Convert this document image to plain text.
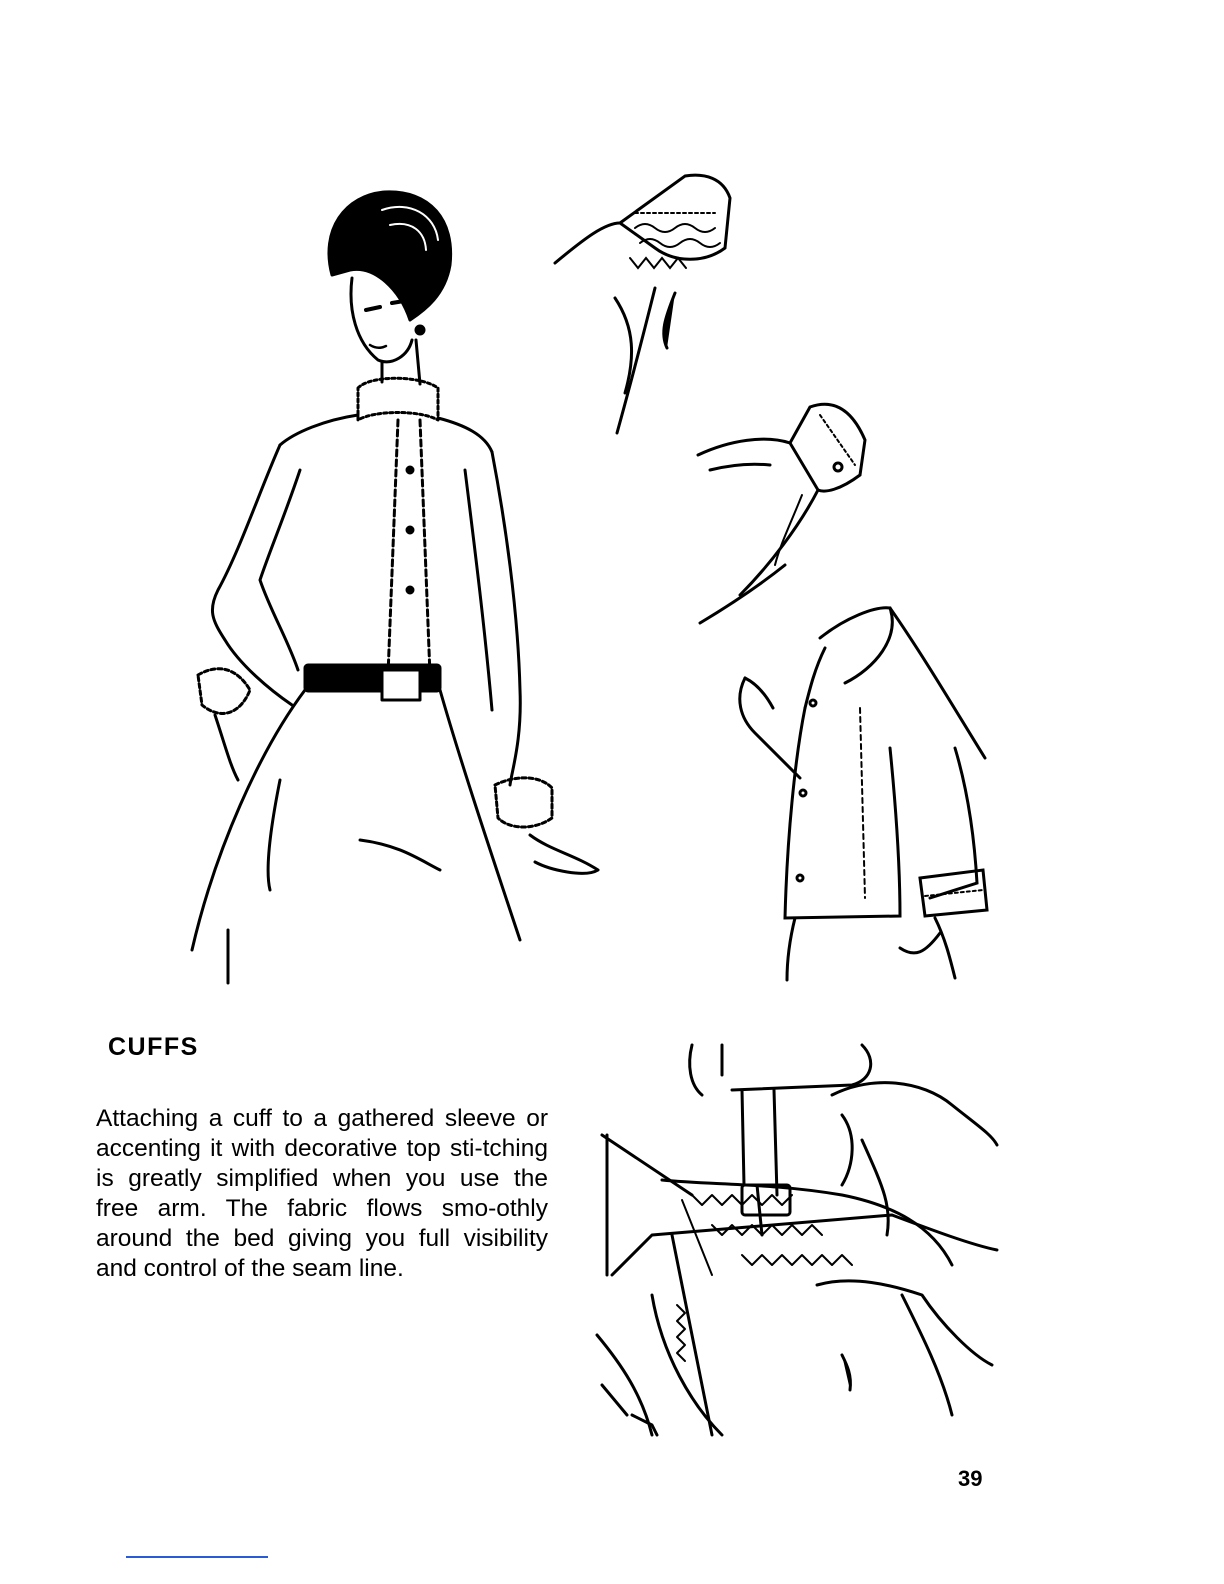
CUFFS

Attaching a cuff to a gathered sleeve or accenting it with decorative top sti-tching is greatly simplified when you use the free arm. The fabric flows smo-othly around the bed giving you full visibility and control of the seam line.

39
